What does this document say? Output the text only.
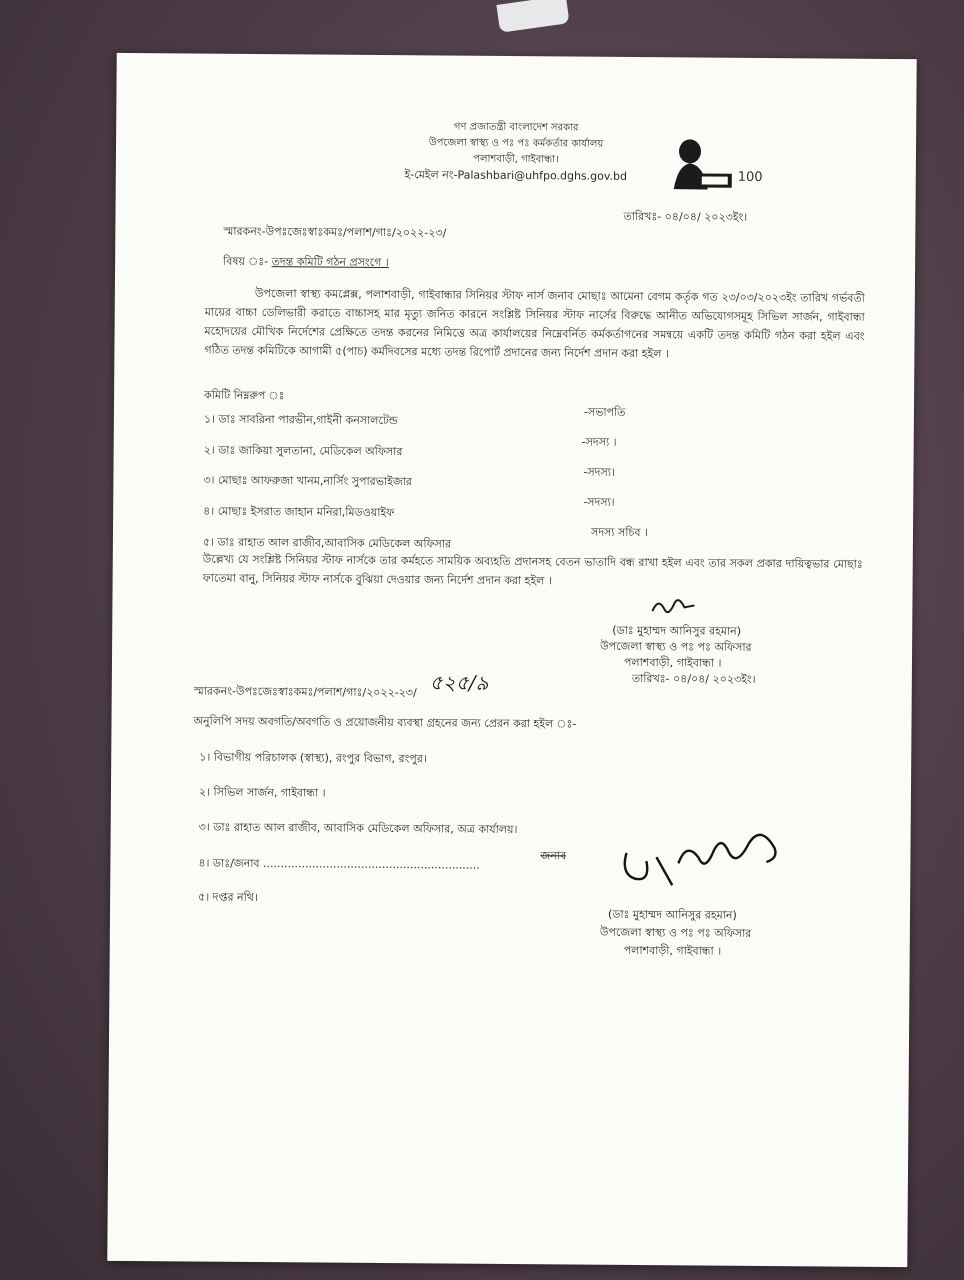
গণ প্রজাতন্ত্রী বাংলাদেশ সরকার
উপজেলা স্বাস্থ্য ও পঃ পঃ কর্মকর্তার কার্যালয়
পলাশবাড়ী, গাইবান্ধা।
ই-মেইল নং-Palashbari@uhfpo.dghs.gov.bd	100
স্মারকনং-উপঃজেঃস্বাঃকমঃ/পলাশ/গাঃ/২০২২-২৩/
তারিখঃ- ০৪/০৪/ ২০২৩ইং।
বিষয় ঃ- তদন্ত কমিটি গঠন প্রসংগে ।
উপজেলা স্বাস্থ্য কমপ্লেক্স, পলাশবাড়ী, গাইবান্ধার সিনিয়র স্টাফ নার্স জনাব মোছাঃ আমেনা বেগম কর্তৃক গত ২৩/০৩/২০২৩ইং তারিখ গর্ভবতী মায়ের বাচ্চা ডেলিভারী করাতে বাচ্চাসহ মার মৃত্যু জনিত কারনে সংশ্লিষ্ট সিনিয়র স্টাফ নার্সের বিরুদ্ধে আনীত অভিযোগসমূহ সিভিল সার্জন, গাইবান্ধা মহোদয়ের মৌখিক নির্দেশের প্রেক্ষিতে তদন্ত করনের নিমিত্তে অত্র কার্যালয়ের নিম্নেবর্নিত কর্মকর্তাগনের সমন্বয়ে একটি তদন্ত কমিটি গঠন করা হইল এবং গঠিত তদন্ত কমিটিকে আগামী ৫(পাচ) কর্মদিবসের মধ্যে তদন্ত রিপোর্ট প্রদানের জন্য নির্দেশ প্রদান করা হইল ।
কমিটি নিম্নরুপ ঃ
১। ডাঃ সাবরিনা পারভীন,গাইনী কনসালটেন্ড
-সভাপতি
২। ডাঃ জাকিয়া সুলতানা, মেডিকেল অফিসার
-সদস্য ।
৩। মোছাঃ আফরুজা খানম,নার্সিং সুপারভাইজার
-সদস্য।
৪। মোছাঃ ইসরাত জাহান মনিরা,মিডওয়াইফ
-সদস্য।
৫। ডাঃ রাহাত আল রাজীব,আবাসিক মেডিকেল অফিসার
সদস্য সচিব ।
উল্লেখ্য যে সংশ্লিষ্ট সিনিয়র স্টাফ নার্সকে তার কর্মহতে সাময়িক অব্যহতি প্রদানসহ বেতন ভাতাদি বন্ধ রাখা হইল এবং তার সকল প্রকার দায়িত্বভার মোছাঃ ফাতেমা বানু, সিনিয়র স্টাফ নার্সকে বুঝিয়া দেওয়ার জন্য নির্দেশ প্রদান করা হইল ।
(ডাঃ মুহাম্মদ আনিসুর রহমান)
উপজেলা স্বাস্থ্য ও পঃ পঃ অফিসার
পলাশবাড়ী, গাইবান্ধা ।
তারিখঃ- ০৪/০৪/ ২০২৩ইং।
স্মারকনং-উপঃজেঃস্বাঃকমঃ/পলাশ/গাঃ/২০২২-২৩/ ৫২৫/৯
অনুলিপি সদয় অবগতি/অবগতি ও প্রয়োজনীয় ব্যবস্থা গ্রহনের জন্য প্রেরন করা হইল ঃ-
১। বিভাগীয় পরিচালক (স্বাস্থ্য), রংপুর বিভাগ, রংপুর।
২। সিভিল সার্জন, গাইবান্ধা ।
৩। ডাঃ রাহাত আল রাজীব, আবাসিক মেডিকেল অফিসার, অত্র কার্যালয়।
৪। ডাঃ/জনাব ..............................................................
জনাব
৫। দপ্তর নথি।
(ডাঃ মুহাম্মদ আনিসুর রহমান)
উপজেলা স্বাস্থ্য ও পঃ পঃ অফিসার
পলাশবাড়ী, গাইবান্ধা ।
